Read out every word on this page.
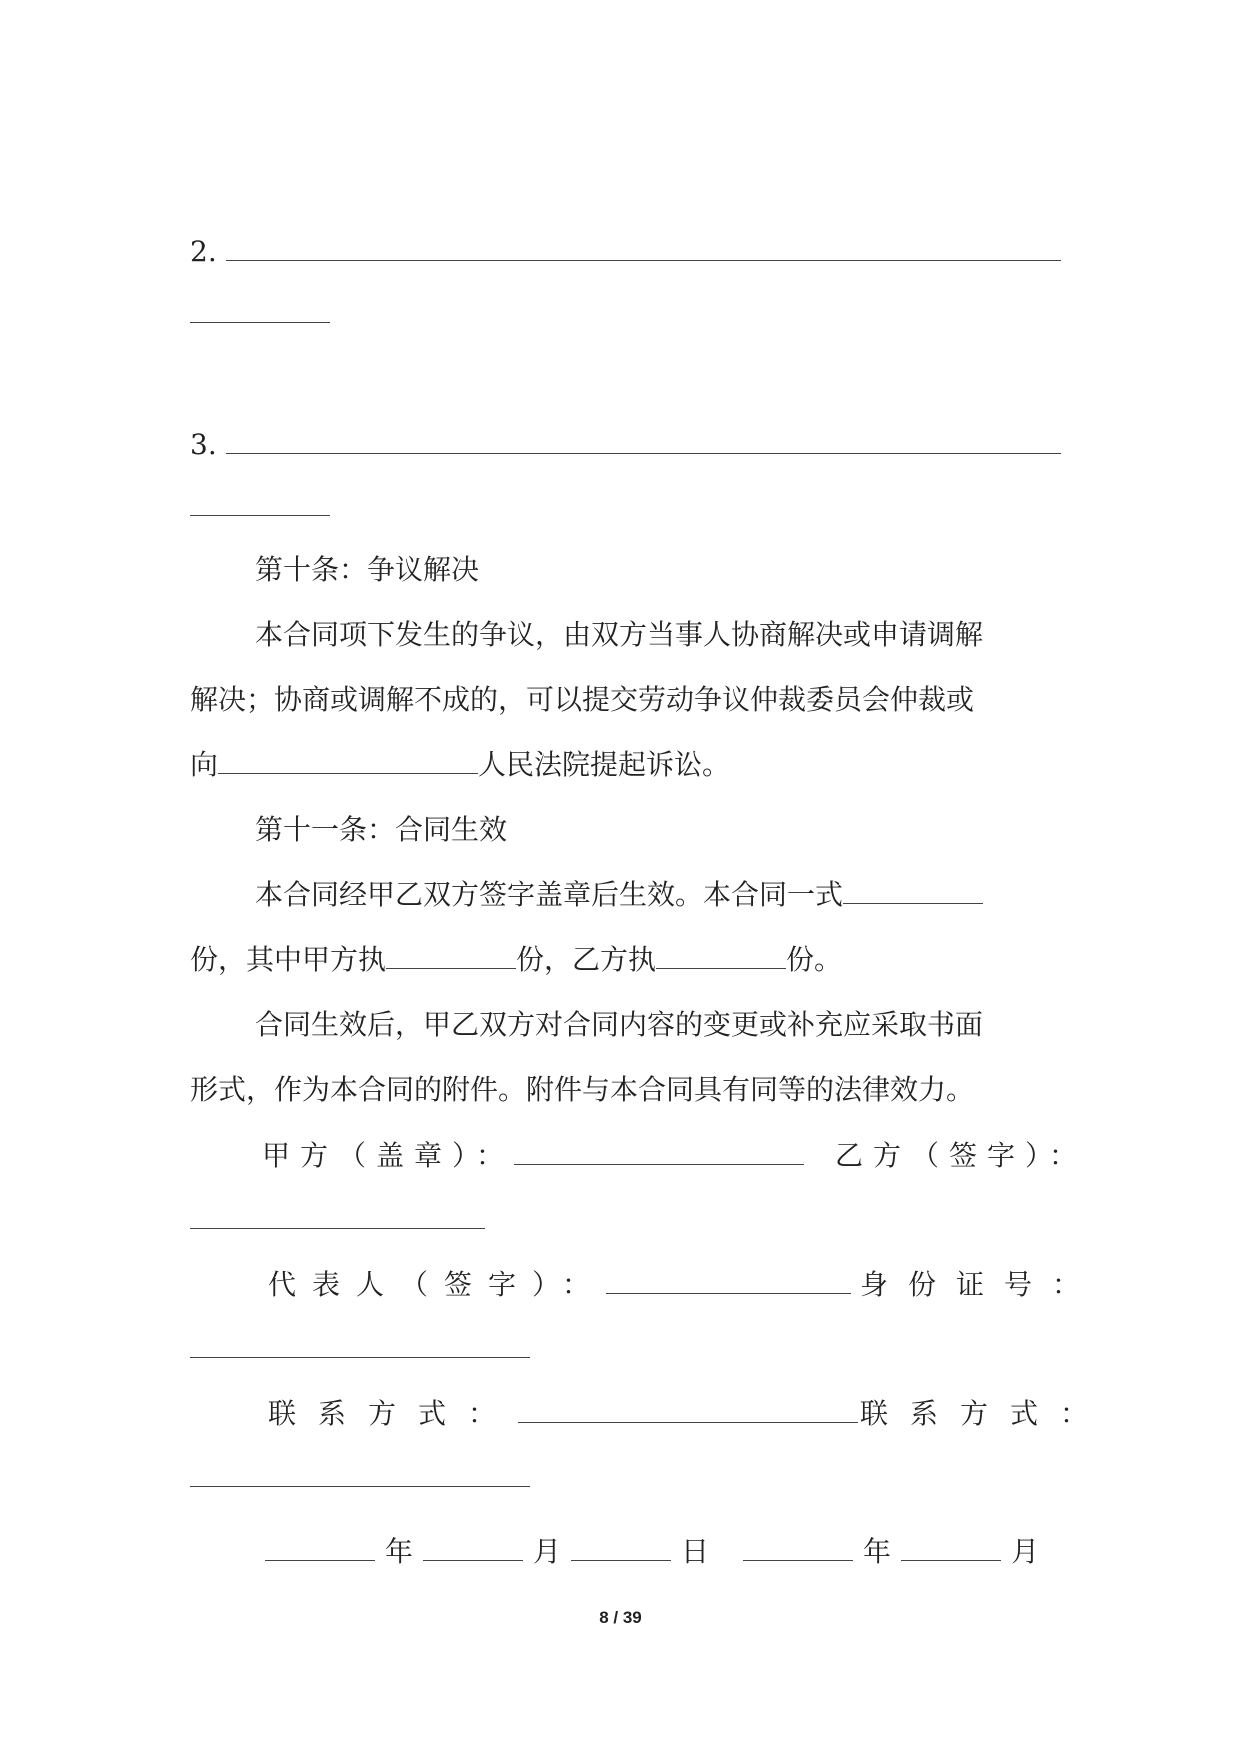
2.
3.
第十条：争议解决
本合同项下发生的争议，由双方当事人协商解决或申请调解
解决；协商或调解不成的，可以提交劳动争议仲裁委员会仲裁或
向	人民法院提起诉讼。
第十一条：合同生效
本合同经甲乙双方签字盖章后生效。本合同一式
份，其中甲方执	份，乙方执	份。
合同生效后，甲乙双方对合同内容的变更或补充应采取书面
形式，作为本合同的附件。附件与本合同具有同等的法律效力。
甲方（盖章）：	乙方（签字）：
代表人（签字）：	身份证号：
联系方式：	联系方式：
年	月	日	年	月
8 / 39
